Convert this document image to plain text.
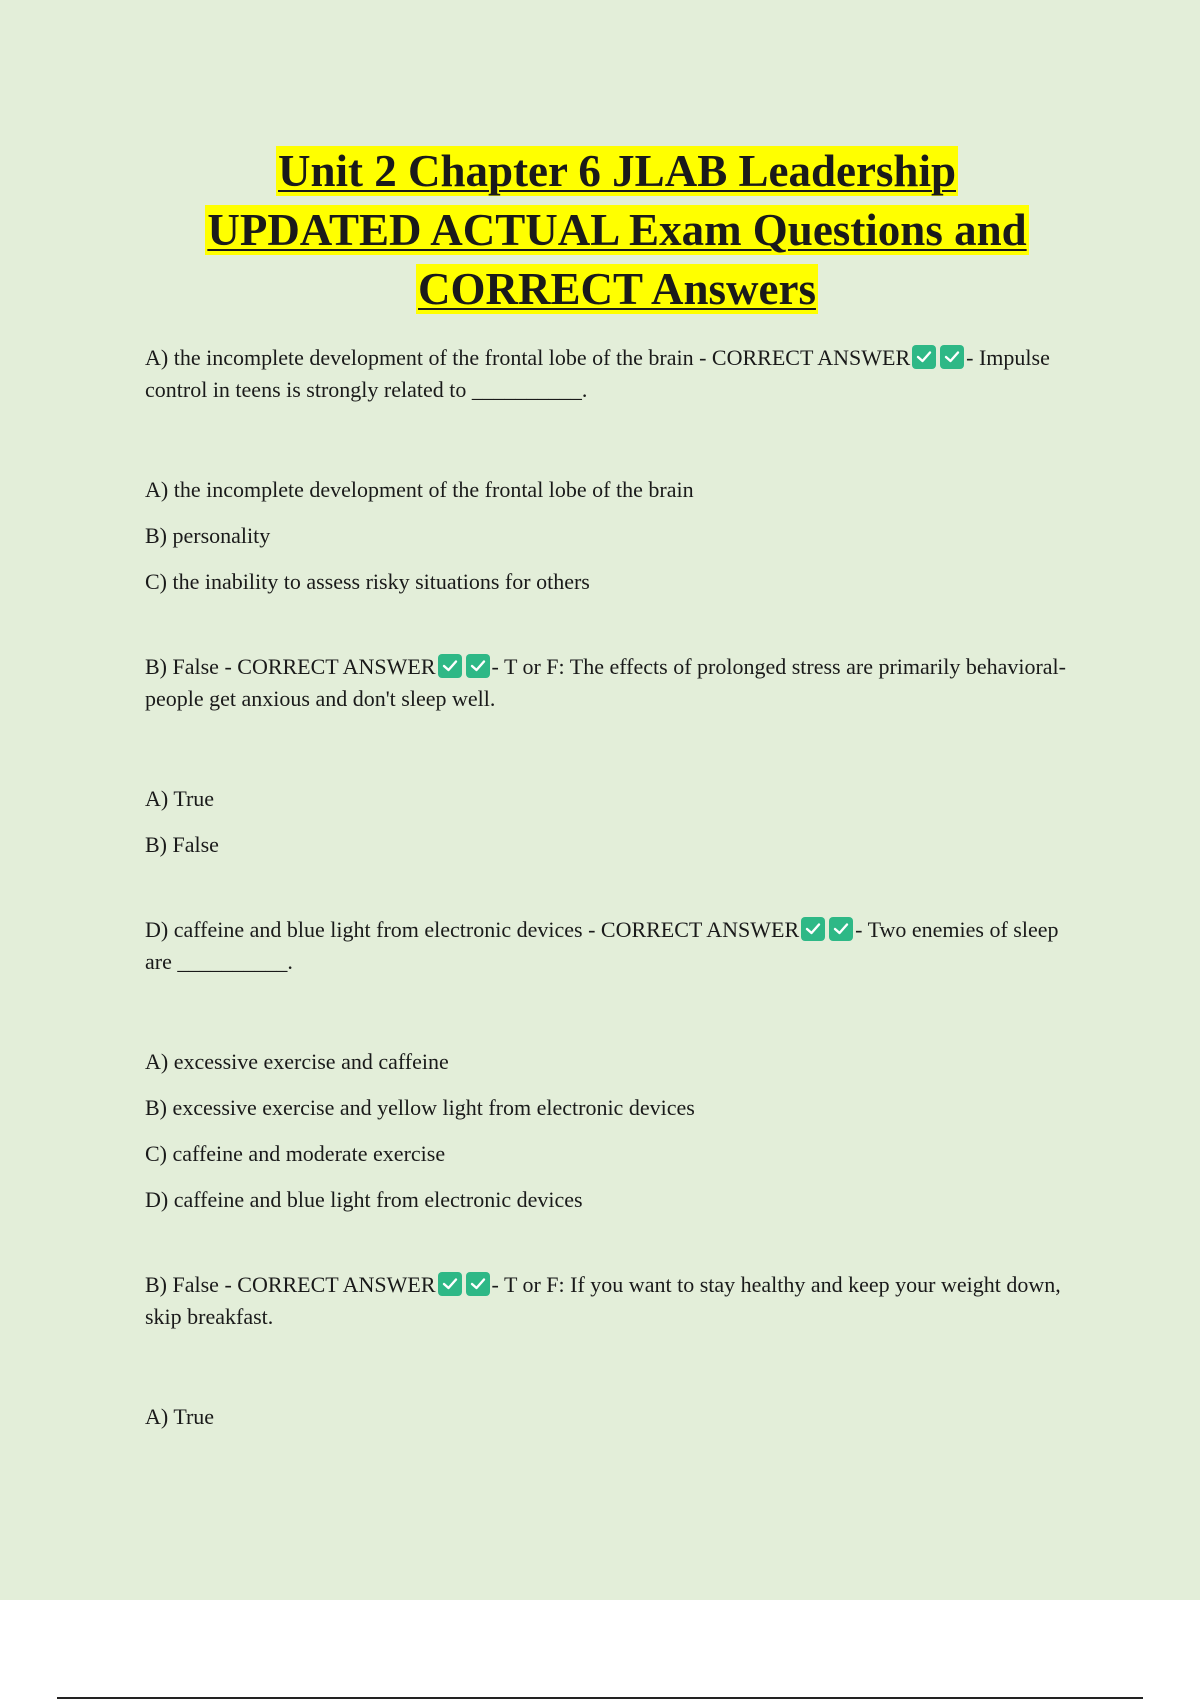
Unit 2 Chapter 6 JLAB Leadership
UPDATED ACTUAL Exam Questions and
CORRECT Answers

A) the incomplete development of the frontal lobe of the brain - CORRECT ANSWER	- Impulse control in teens is strongly related to __________.

A) the incomplete development of the frontal lobe of the brain

B) personality

C) the inability to assess risky situations for others

B) False - CORRECT ANSWER	- T or F: The effects of prolonged stress are primarily behavioral-people get anxious and don't sleep well.

A) True

B) False

D) caffeine and blue light from electronic devices - CORRECT ANSWER	- Two enemies of sleep are __________.

A) excessive exercise and caffeine

B) excessive exercise and yellow light from electronic devices

C) caffeine and moderate exercise

D) caffeine and blue light from electronic devices

B) False - CORRECT ANSWER	- T or F: If you want to stay healthy and keep your weight down, skip breakfast.

A) True
